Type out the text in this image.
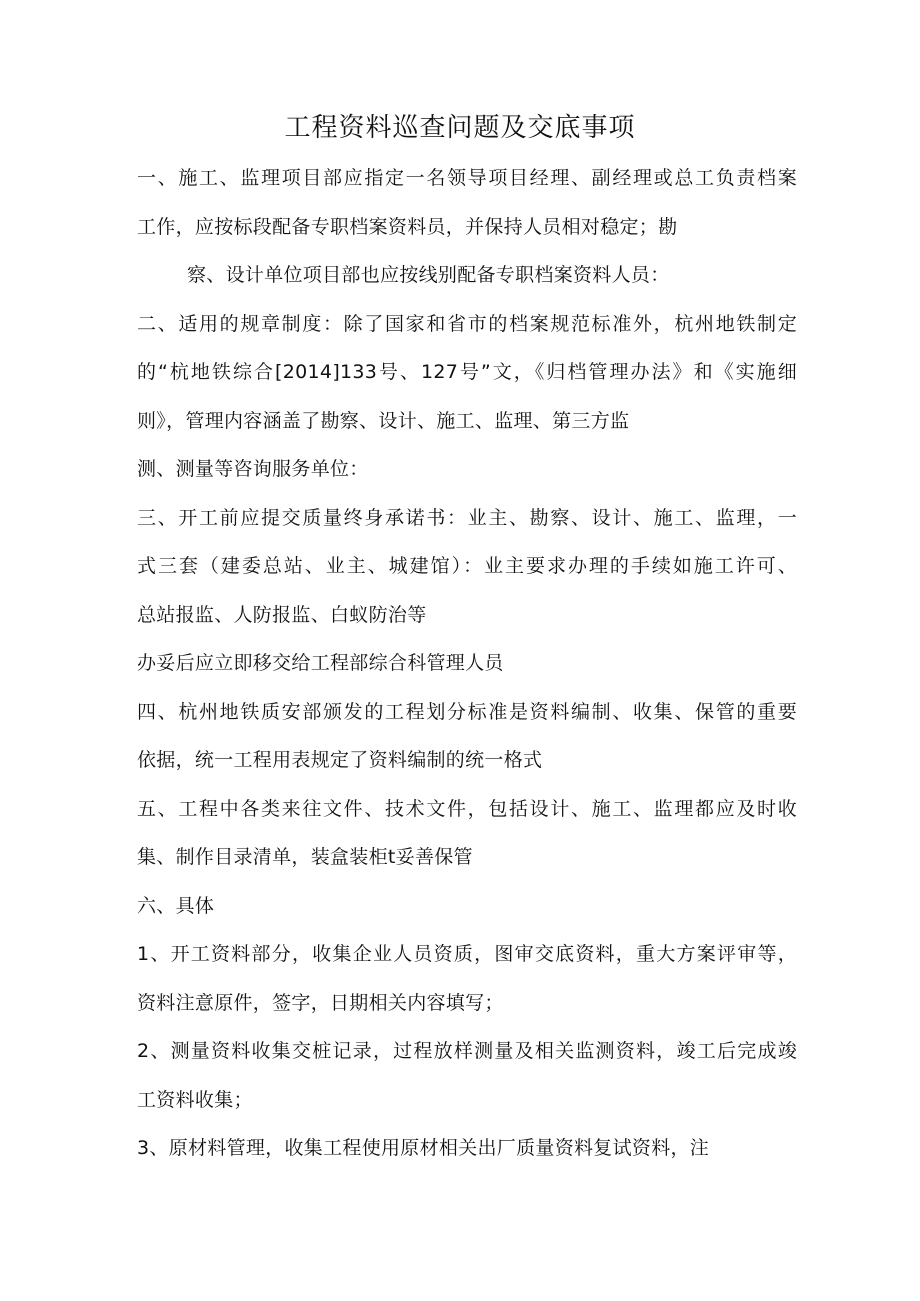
工程资料巡查问题及交底事项
一、施工、监理项目部应指定一名领导项目经理、副经理或总工负责档案
工作，应按标段配备专职档案资料员，并保持人员相对稳定；勘
察、设计单位项目部也应按线别配备专职档案资料人员：
二、适用的规章制度：除了国家和省市的档案规范标准外，杭州地铁制定
的“杭地铁综合[2014]133号、127号”文，《归档管理办法》和《实施细
则》，管理内容涵盖了勘察、设计、施工、监理、第三方监
测、测量等咨询服务单位：
三、开工前应提交质量终身承诺书：业主、勘察、设计、施工、监理，一
式三套（建委总站、业主、城建馆）：业主要求办理的手续如施工许可、
总站报监、人防报监、白蚁防治等
办妥后应立即移交给工程部综合科管理人员
四、杭州地铁质安部颁发的工程划分标准是资料编制、收集、保管的重要
依据，统一工程用表规定了资料编制的统一格式
五、工程中各类来往文件、技术文件，包括设计、施工、监理都应及时收
集、制作目录清单，装盒装柜t妥善保管
六、具体
1、开工资料部分，收集企业人员资质，图审交底资料，重大方案评审等，
资料注意原件，签字，日期相关内容填写；
2、测量资料收集交桩记录，过程放样测量及相关监测资料，竣工后完成竣
工资料收集；
3、原材料管理，收集工程使用原材相关出厂质量资料复试资料，注
